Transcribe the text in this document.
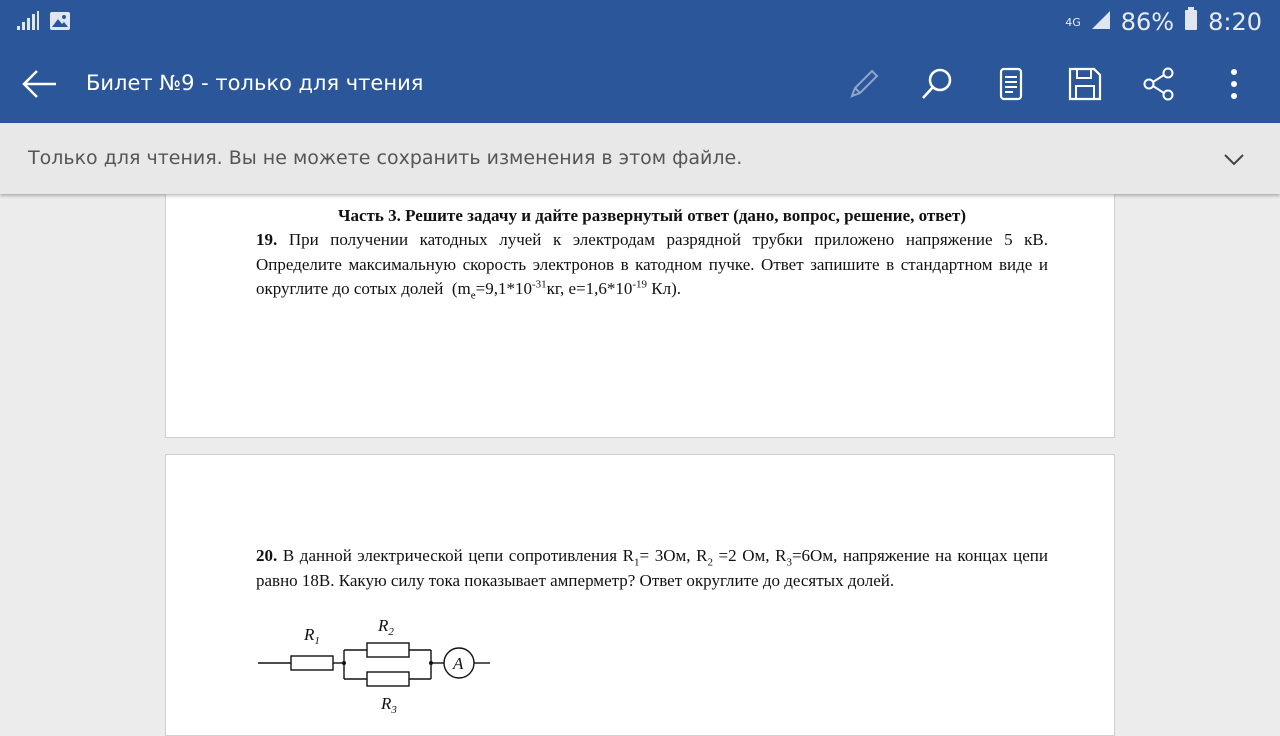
4G 86% 8:20
Билет №9 - только для чтения
Только для чтения. Вы не можете сохранить изменения в этом файле.
Часть 3. Решите задачу и дайте развернутый ответ (дано, вопрос, решение, ответ)
19. При получении катодных лучей к электродам разрядной трубки приложено напряжение 5 кВ. Определите максимальную скорость электронов в катодном пучке. Ответ запишите в стандартном виде и округлите до сотых долей ($m_e=9,1*10^{-31}кг$, $e=1,6*10^{-19}$ Кл).
20. В данной электрической цепи сопротивления $R_1= 3Ом$, $R_2 =2$ Ом, $R_3=6Ом$, напряжение на концах цепи равно 18В. Какую силу тока показывает амперметр? Ответ округлите до десятых долей.
$R_1$
$R_2$
$R_3$
A
